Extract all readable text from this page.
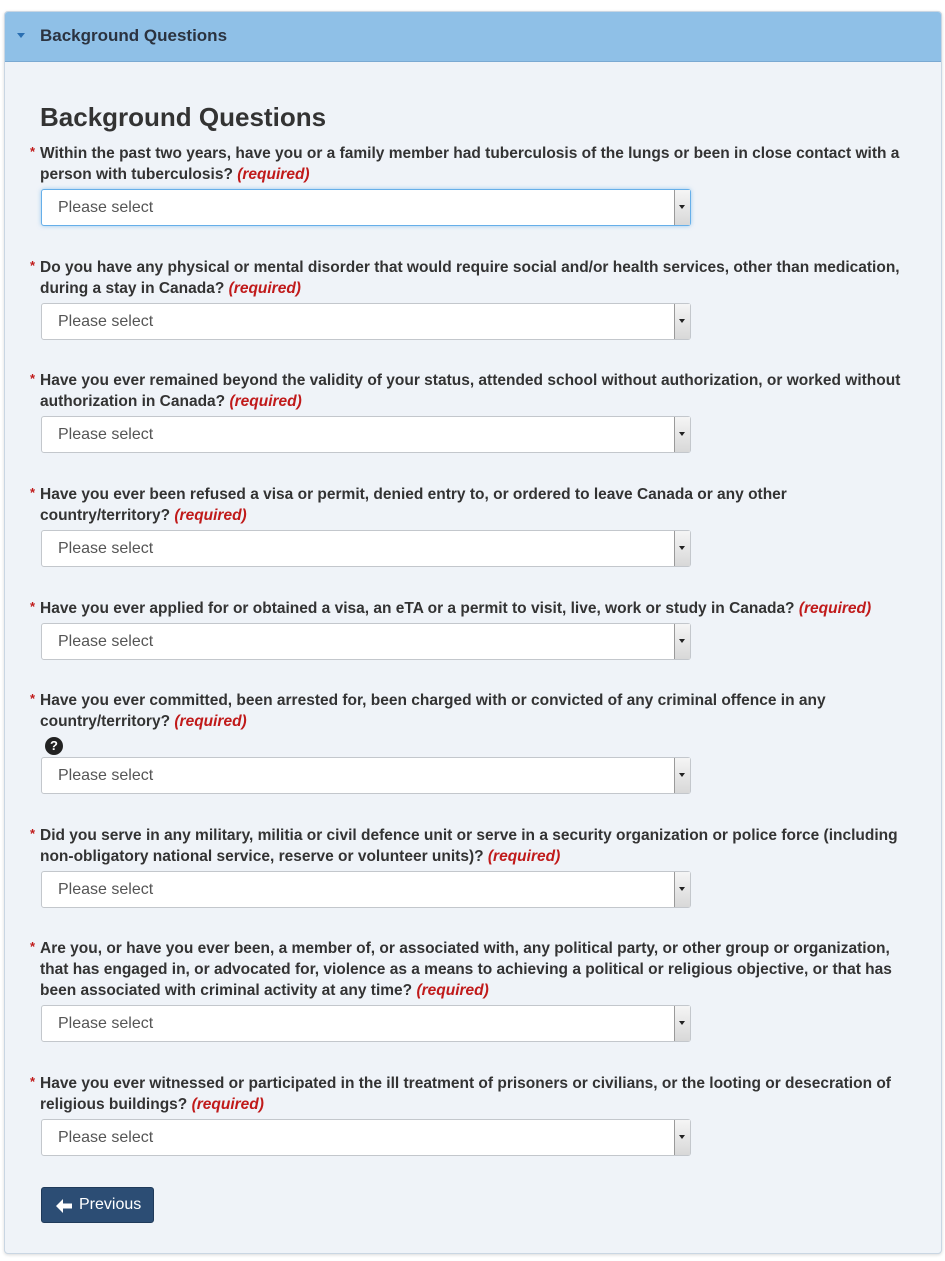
Background Questions
Background Questions
* Within the past two years, have you or a family member had tuberculosis of the lungs or been in close contact with a person with tuberculosis? (required)
Please select
* Do you have any physical or mental disorder that would require social and/or health services, other than medication, during a stay in Canada? (required)
Please select
* Have you ever remained beyond the validity of your status, attended school without authorization, or worked without authorization in Canada? (required)
Please select
* Have you ever been refused a visa or permit, denied entry to, or ordered to leave Canada or any other country/territory? (required)
Please select
* Have you ever applied for or obtained a visa, an eTA or a permit to visit, live, work or study in Canada? (required)
Please select
* Have you ever committed, been arrested for, been charged with or convicted of any criminal offence in any country/territory? (required)
?
Please select
* Did you serve in any military, militia or civil defence unit or serve in a security organization or police force (including non-obligatory national service, reserve or volunteer units)? (required)
Please select
* Are you, or have you ever been, a member of, or associated with, any political party, or other group or organization, that has engaged in, or advocated for, violence as a means to achieving a political or religious objective, or that has been associated with criminal activity at any time? (required)
Please select
* Have you ever witnessed or participated in the ill treatment of prisoners or civilians, or the looting or desecration of religious buildings? (required)
Please select
Previous
